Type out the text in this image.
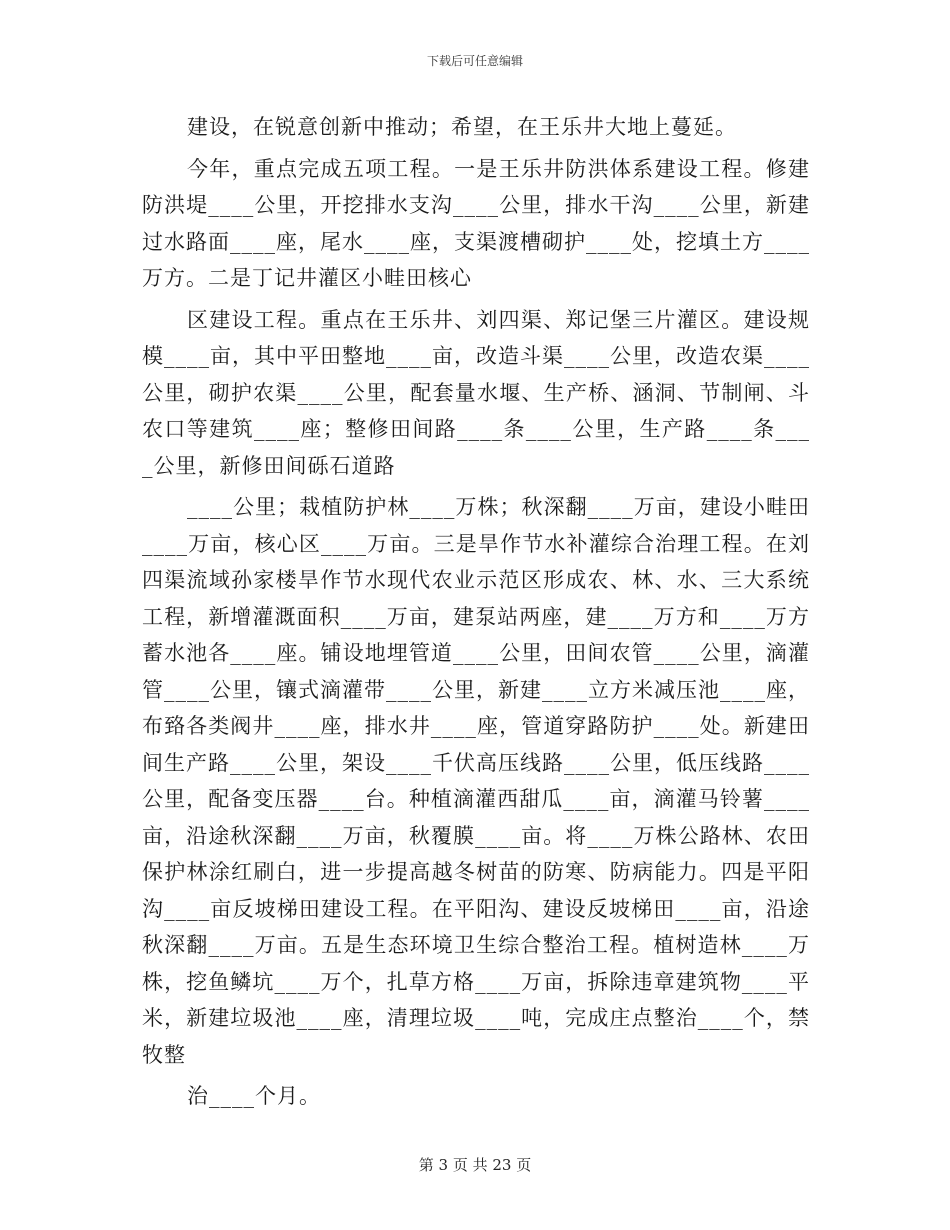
下载后可任意编辑

建设，在锐意创新中推动；希望，在王乐井大地上蔓延。

今年，重点完成五项工程。一是王乐井防洪体系建设工程。修建防洪堤____公里，开挖排水支沟____公里，排水干沟____公里，新建过水路面____座，尾水____座，支渠渡槽砌护____处，挖填土方____万方。二是丁记井灌区小畦田核心

区建设工程。重点在王乐井、刘四渠、郑记堡三片灌区。建设规模____亩，其中平田整地____亩，改造斗渠____公里，改造农渠____公里，砌护农渠____公里，配套量水堰、生产桥、涵洞、节制闸、斗农口等建筑____座；整修田间路____条____公里，生产路____条____公里，新修田间砾石道路

____公里；栽植防护林____万株；秋深翻____万亩，建设小畦田____万亩，核心区____万亩。三是旱作节水补灌综合治理工程。在刘四渠流域孙家楼旱作节水现代农业示范区形成农、林、水、三大系统工程，新增灌溉面积____万亩，建泵站两座，建____万方和____万方蓄水池各____座。铺设地埋管道____公里，田间农管____公里，滴灌管____公里，镶式滴灌带____公里，新建____立方米减压池____座，布臵各类阀井____座，排水井____座，管道穿路防护____处。新建田间生产路____公里，架设____千伏高压线路____公里，低压线路____公里，配备变压器____台。种植滴灌西甜瓜____亩，滴灌马铃薯____亩，沿途秋深翻____万亩，秋覆膜____亩。将____万株公路林、农田保护林涂红刷白，进一步提高越冬树苗的防寒、防病能力。四是平阳沟____亩反坡梯田建设工程。在平阳沟、建设反坡梯田____亩，沿途秋深翻____万亩。五是生态环境卫生综合整治工程。植树造林____万株，挖鱼鳞坑____万个，扎草方格____万亩，拆除违章建筑物____平米，新建垃圾池____座，清理垃圾____吨，完成庄点整治____个，禁牧整

治____个月。

第 3 页 共 23 页
